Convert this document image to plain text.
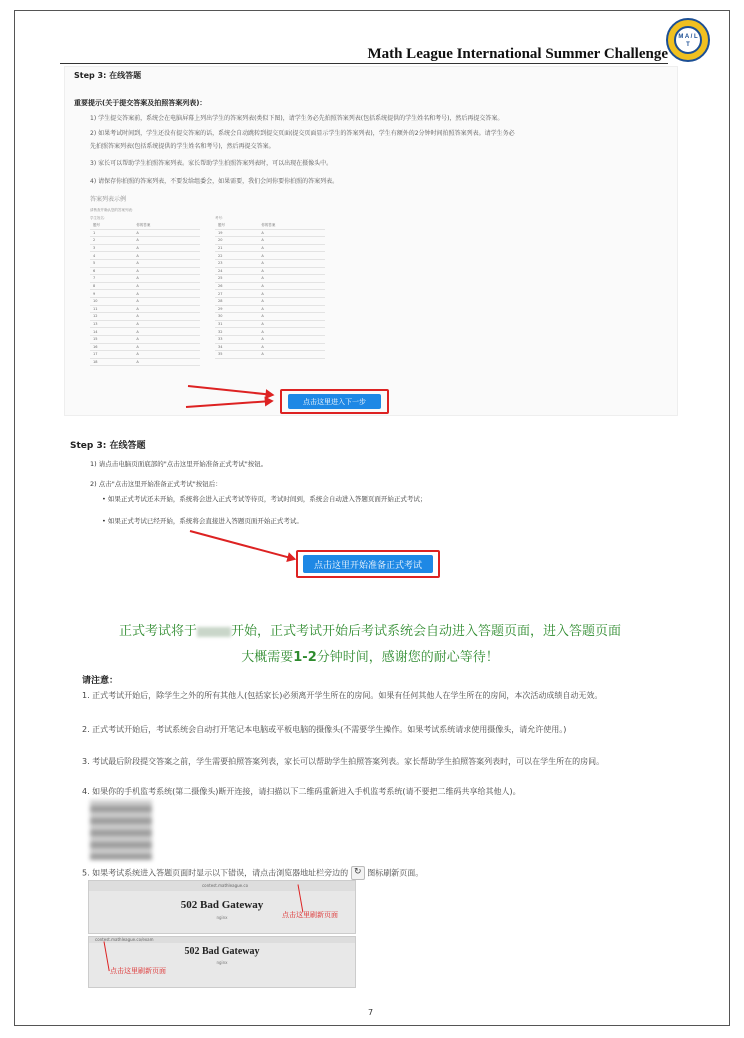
M A / L T
Math League International Summer Challenge
Step 3: 在线答题
重要提示(关于提交答案及拍照答案列表)：
1) 学生提交答案前，系统会在电脑屏幕上列出学生的答案列表(类似下图)，请学生务必先拍照答案列表(包括系统提供的学生姓名和考号)，然后再提交答案。
2) 如果考试时间到，学生还没有提交答案的话，系统会自动跳转到提交页面(提交页面显示学生的答案列表)，学生有额外的2分钟时间拍照答案列表。请学生务必
先拍照答案列表(包括系统提供的学生姓名和考号)，然后再提交答案。
3) 家长可以帮助学生拍照答案列表。家长帮助学生拍照答案列表时，可以出现在摄像头中。
4) 请保存你拍照的答案列表，不要发给组委会，如果需要，我们会问你要你拍照的答案列表。
答案列表示例
请核查并确认您的答案列表：
学生姓名：	考号：
题号	你的答案
1	A
2	A
3	A
4	A
5	A
6	A
7	A
8	A
9	A
10	A
11	A
12	A
13	A
14	A
15	A
16	A
17	A
18	A
题号	你的答案
19	A
20	A
21	A
22	A
23	A
24	A
25	A
26	A
27	A
28	A
29	A
30	A
31	A
32	A
33	A
34	A
35	A
点击这里进入下一步
Step 3: 在线答题
1) 请点击电脑页面底部的"点击这里开始准备正式考试"按钮。
2) 点击"点击这里开始准备正式考试"按钮后：
• 如果正式考试还未开始，系统将会进入正式考试等待页，考试时间到，系统会自动进入答题页面开始正式考试；
• 如果正式考试已经开始，系统将会直接进入答题页面开始正式考试。
点击这里开始准备正式考试
正式考试将于	开始，正式考试开始后考试系统会自动进入答题页面，进入答题页面
大概需要1-2分钟时间，感谢您的耐心等待！
请注意：
1. 正式考试开始后，除学生之外的所有其他人(包括家长)必须离开学生所在的房间。如果有任何其他人在学生所在的房间，本次活动成绩自动无效。
2. 正式考试开始后，考试系统会自动打开笔记本电脑或平板电脑的摄像头(不需要学生操作。如果考试系统请求使用摄像头，请允许使用。)
3. 考试最后阶段提交答案之前，学生需要拍照答案列表，家长可以帮助学生拍照答案列表。家长帮助学生拍照答案列表时，可以在学生所在的房间。
4. 如果你的手机监考系统(第二摄像头)断开连接，请扫描以下二维码重新进入手机监考系统(请不要把二维码共享给其他人)。
5. 如果考试系统进入答题页面时显示以下错误，请点击浏览器地址栏旁边的 ↻ 图标刷新页面。
contest.mathleague.co
502 Bad Gateway
nginx	点击这里刷新页面
contest.mathleague.co/exam
502 Bad Gateway
nginx
点击这里刷新页面
7
